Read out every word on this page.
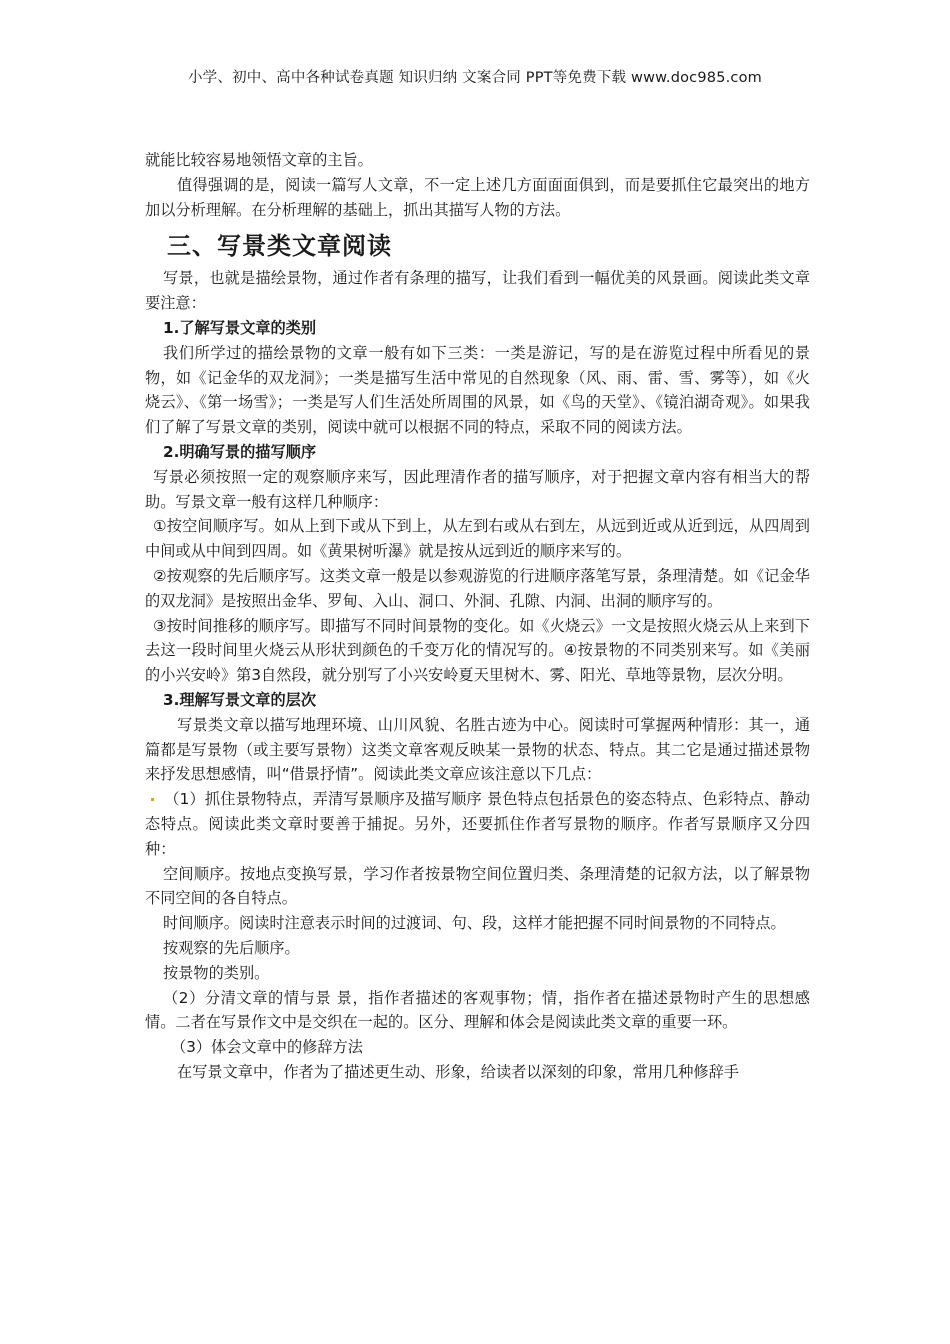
小学、初中、高中各种试卷真题 知识归纳 文案合同 PPT等免费下载 www.doc985.com

就能比较容易地领悟文章的主旨。

值得强调的是，阅读一篇写人文章，不一定上述几方面面面俱到，而是要抓住它最突出的地方加以分析理解。在分析理解的基础上，抓出其描写人物的方法。

三、写景类文章阅读

写景，也就是描绘景物，通过作者有条理的描写，让我们看到一幅优美的风景画。阅读此类文章要注意：

1.了解写景文章的类别

我们所学过的描绘景物的文章一般有如下三类：一类是游记，写的是在游览过程中所看见的景物，如《记金华的双龙洞》；一类是描写生活中常见的自然现象（风、雨、雷、雪、雾等），如《火烧云》、《第一场雪》；一类是写人们生活处所周围的风景，如《鸟的天堂》、《镜泊湖奇观》。如果我们了解了写景文章的类别，阅读中就可以根据不同的特点，采取不同的阅读方法。

2.明确写景的描写顺序

写景必须按照一定的观察顺序来写，因此理清作者的描写顺序，对于把握文章内容有相当大的帮助。写景文章一般有这样几种顺序：

①按空间顺序写。如从上到下或从下到上，从左到右或从右到左，从远到近或从近到远，从四周到中间或从中间到四周。如《黄果树听瀑》就是按从远到近的顺序来写的。

②按观察的先后顺序写。这类文章一般是以参观游览的行进顺序落笔写景，条理清楚。如《记金华的双龙洞》是按照出金华、罗甸、入山、洞口、外洞、孔隙、内洞、出洞的顺序写的。

③按时间推移的顺序写。即描写不同时间景物的变化。如《火烧云》一文是按照火烧云从上来到下去这一段时间里火烧云从形状到颜色的千变万化的情况写的。④按景物的不同类别来写。如《美丽的小兴安岭》第3自然段，就分别写了小兴安岭夏天里树木、雾、阳光、草地等景物，层次分明。

3.理解写景文章的层次

写景类文章以描写地理环境、山川风貌、名胜古迹为中心。阅读时可掌握两种情形：其一，通篇都是写景物（或主要写景物）这类文章客观反映某一景物的状态、特点。其二它是通过描述景物来抒发思想感情，叫“借景抒情”。阅读此类文章应该注意以下几点：

（1）抓住景物特点，弄清写景顺序及描写顺序 景色特点包括景色的姿态特点、色彩特点、静动态特点。阅读此类文章时要善于捕捉。另外，还要抓住作者写景物的顺序。作者写景顺序又分四种：

空间顺序。按地点变换写景，学习作者按景物空间位置归类、条理清楚的记叙方法，以了解景物不同空间的各自特点。

时间顺序。阅读时注意表示时间的过渡词、句、段，这样才能把握不同时间景物的不同特点。

按观察的先后顺序。

按景物的类别。

（2）分清文章的情与景 景，指作者描述的客观事物；情，指作者在描述景物时产生的思想感情。二者在写景作文中是交织在一起的。区分、理解和体会是阅读此类文章的重要一环。

（3）体会文章中的修辞方法

在写景文章中，作者为了描述更生动、形象，给读者以深刻的印象，常用几种修辞手
